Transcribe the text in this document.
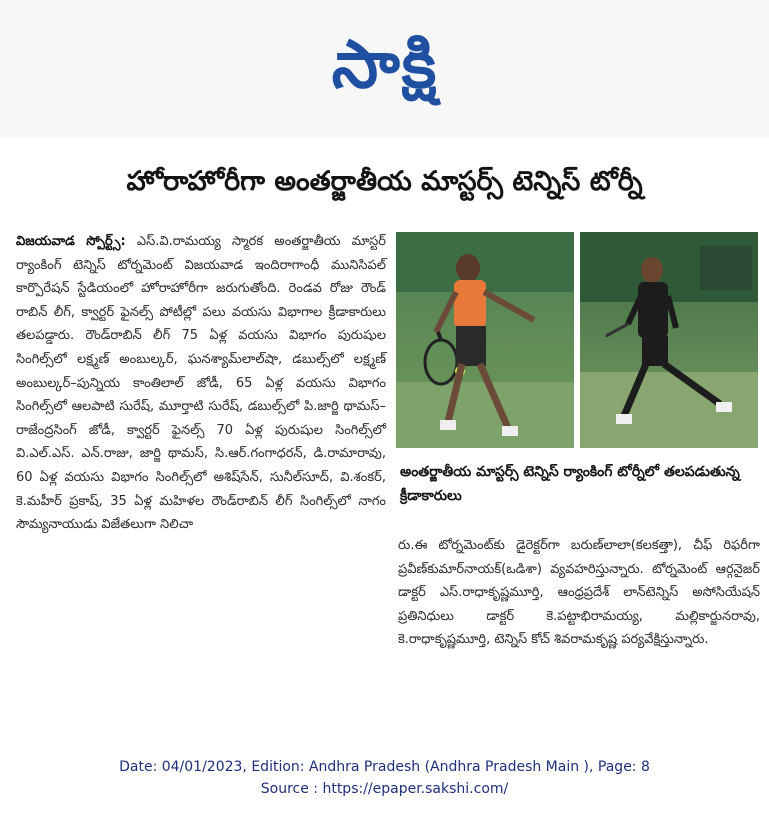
సాక్షి
హోరాహోరీగా అంతర్జాతీయ మాస్టర్స్ టెన్నిస్ టోర్నీ
విజయవాడ స్పోర్ట్స్: ఎస్.వి.రామయ్య స్మారక అంతర్జాతీయ మాస్టర్ ర్యాంకింగ్ టెన్నిస్ టోర్నమెంట్ విజయవాడ ఇందిరాగాంధీ మునిసిపల్ కార్పొరేషన్ స్టేడియంలో హోరాహోరీగా జరుగుతోంది. రెండవ రోజు రౌండ్ రాబిన్ లీగ్, క్వార్టర్ ఫైనల్స్ పోటీల్లో పలు వయసు విభాగాల క్రీడాకారులు తలపడ్డారు. రౌండ్‌రాబిన్ లీగ్ 75 ఏళ్ల వయసు విభాగం పురుషుల సింగిల్స్‌లో లక్ష్మణ్ అంబుల్కర్, ఘనశ్యామ్‌లాల్‌షా, డబుల్స్‌లో లక్ష్మణ్ అంబుల్కర్–పున్నియ కాంతిలాల్ జోడీ, 65 ఏళ్ల వయసు విభాగం సింగిల్స్‌లో ఆలపాటి సురేష్, మూర్తాటి సురేష్, డబుల్స్‌లో పి.జార్జి థామస్–రాజేంద్రసింగ్ జోడీ, క్వార్టర్ ఫైనల్స్ 70 ఏళ్ల పురుషుల సింగిల్స్‌లో వి.ఎల్.ఎస్. ఎన్.రాజు, జార్జి థామస్, సి.ఆర్.గంగాధరన్, డి.రామారావు, 60 ఏళ్ల వయసు విభాగం సింగిల్స్‌లో అశిష్‌సేన్, సునీల్‌సూద్, వి.శంకర్, కె.మహీర్ ప్రకాష్, 35 ఏళ్ల మహిళల రౌండ్‌రాబిన్ లీగ్ సింగిల్స్‌లో నాగం సౌమ్యనాయుడు విజేతలుగా నిలిచా
అంతర్జాతీయ మాస్టర్స్ టెన్నిస్ ర్యాంకింగ్ టోర్నీలో తలపడుతున్న క్రీడాకారులు
రు.ఈ టోర్నమెంట్‌కు డైరెక్టర్‌గా బరుణ్‌లాలా(కలకత్తా), చీఫ్ రిఫరీగా ప్రవీణ్‌కుమార్‌నాయక్(ఒడిశా) వ్యవహరిస్తున్నారు. టోర్నమెంట్ ఆర్గనైజర్ డాక్టర్ ఎస్.రాధాకృష్ణమూర్తి, ఆంధ్రప్రదేశ్ లాన్‌టెన్నిస్ అసోసియేషన్ ప్రతినిధులు డాక్టర్ కె.పట్టాభిరామయ్య, మల్లికార్జునరావు, కె.రాధాకృష్ణమూర్తి, టెన్నిస్ కోచ్ శివరామకృష్ణ పర్యవేక్షిస్తున్నారు.
Date: 04/01/2023, Edition: Andhra Pradesh (Andhra Pradesh Main ), Page: 8
Source : https://epaper.sakshi.com/
